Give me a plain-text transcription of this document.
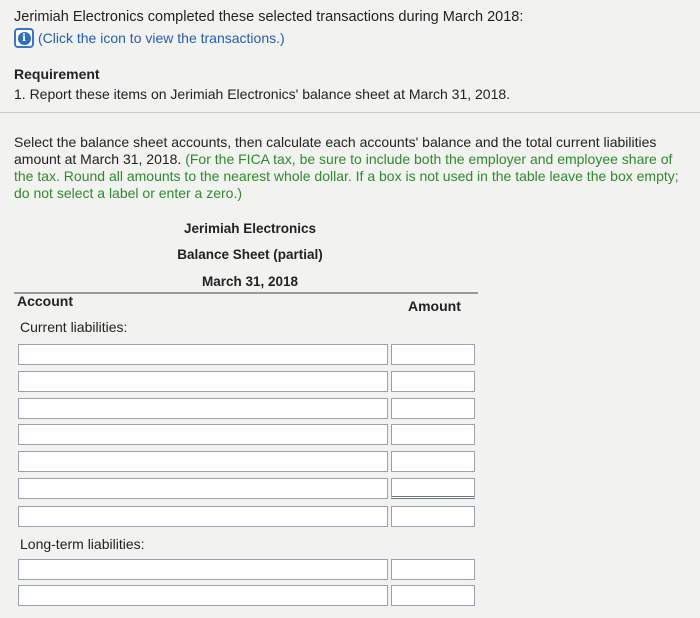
Jerimiah Electronics completed these selected transactions during March 2018:
i (Click the icon to view the transactions.)
Requirement
1. Report these items on Jerimiah Electronics' balance sheet at March 31, 2018.
Select the balance sheet accounts, then calculate each accounts' balance and the total current liabilities amount at March 31, 2018. (For the FICA tax, be sure to include both the employer and employee share of the tax. Round all amounts to the nearest whole dollar. If a box is not used in the table leave the box empty; do not select a label or enter a zero.)
Jerimiah Electronics
Balance Sheet (partial)
March 31, 2018
Account	Amount
Current liabilities:
Long-term liabilities:
